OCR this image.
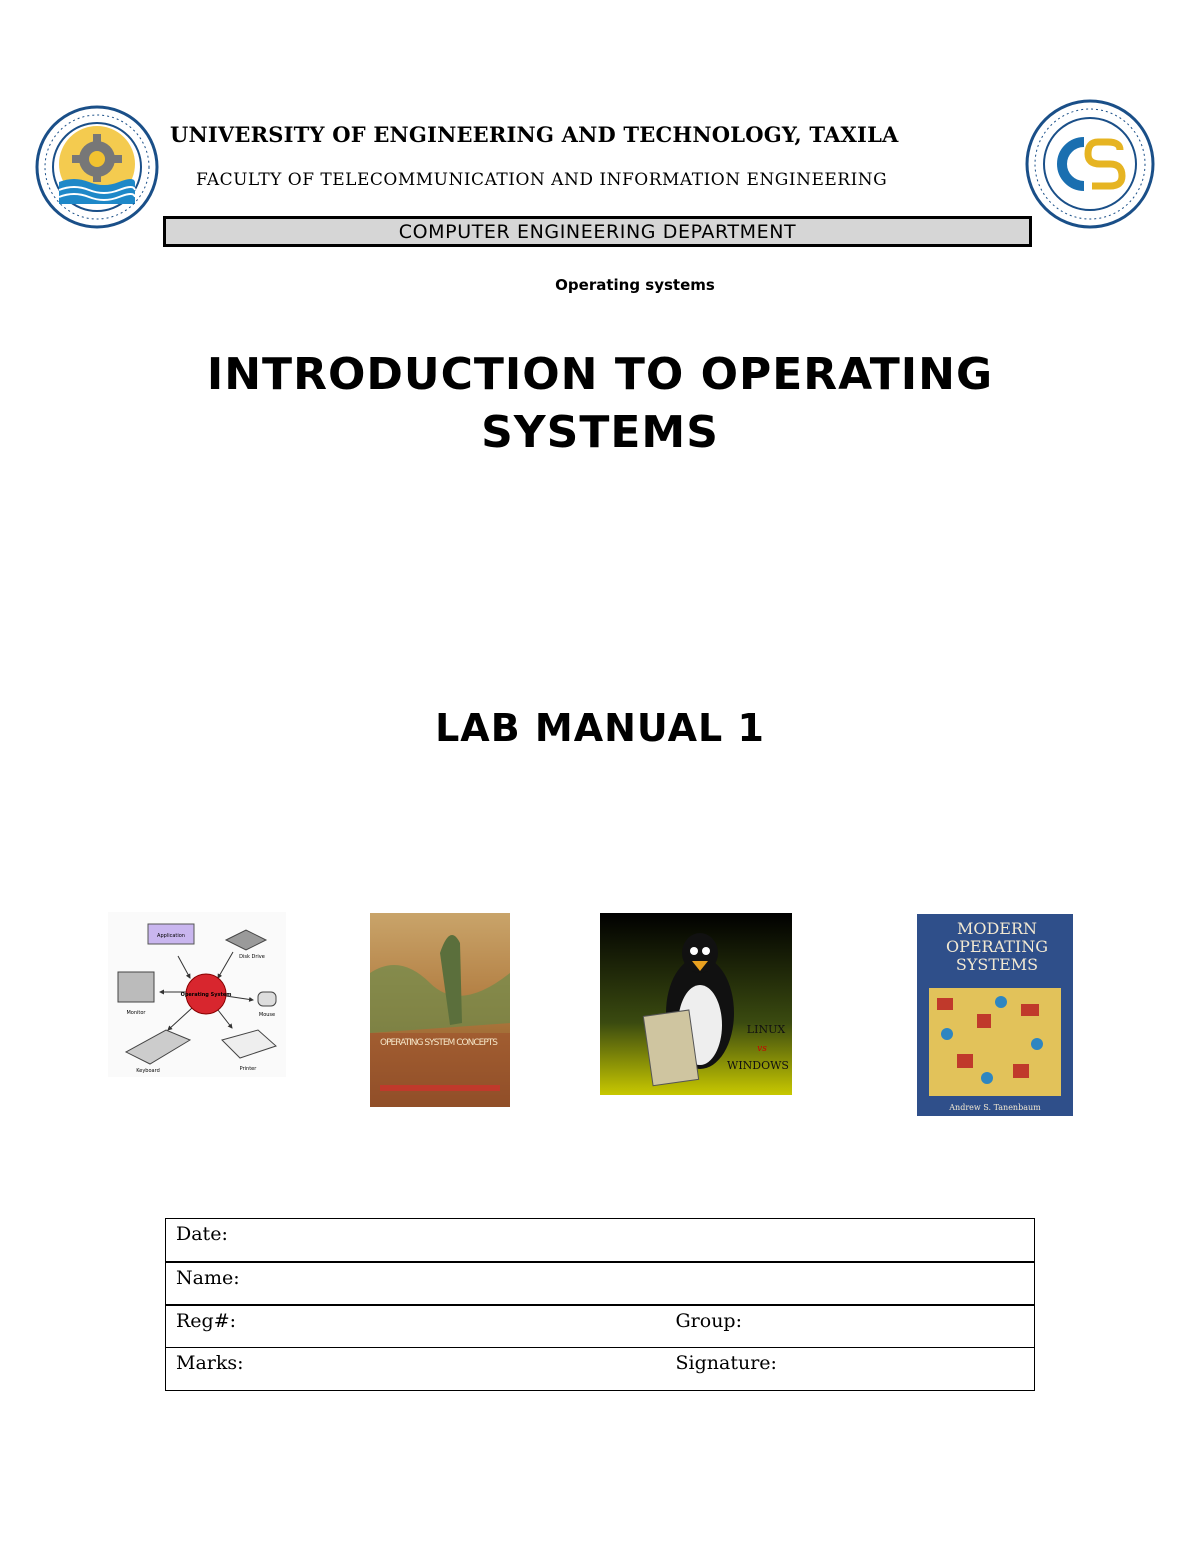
UNIVERSITY OF ENGINEERING AND TECHNOLOGY, TAXILA
FACULTY OF TELECOMMUNICATION AND INFORMATION ENGINEERING
COMPUTER ENGINEERING DEPARTMENT
Operating systems
INTRODUCTION TO OPERATING
SYSTEMS
LAB MANUAL 1
Application
Disk Drive
Operating System
Monitor	Mouse
Keyboard	Printer
OPERATING SYSTEM CONCEPTS
LINUX
vs
WINDOWS
MODERN
OPERATING
SYSTEMS
Andrew S. Tanenbaum
Date:	
Name:	
Reg#:	Group:
Marks:	Signature:
